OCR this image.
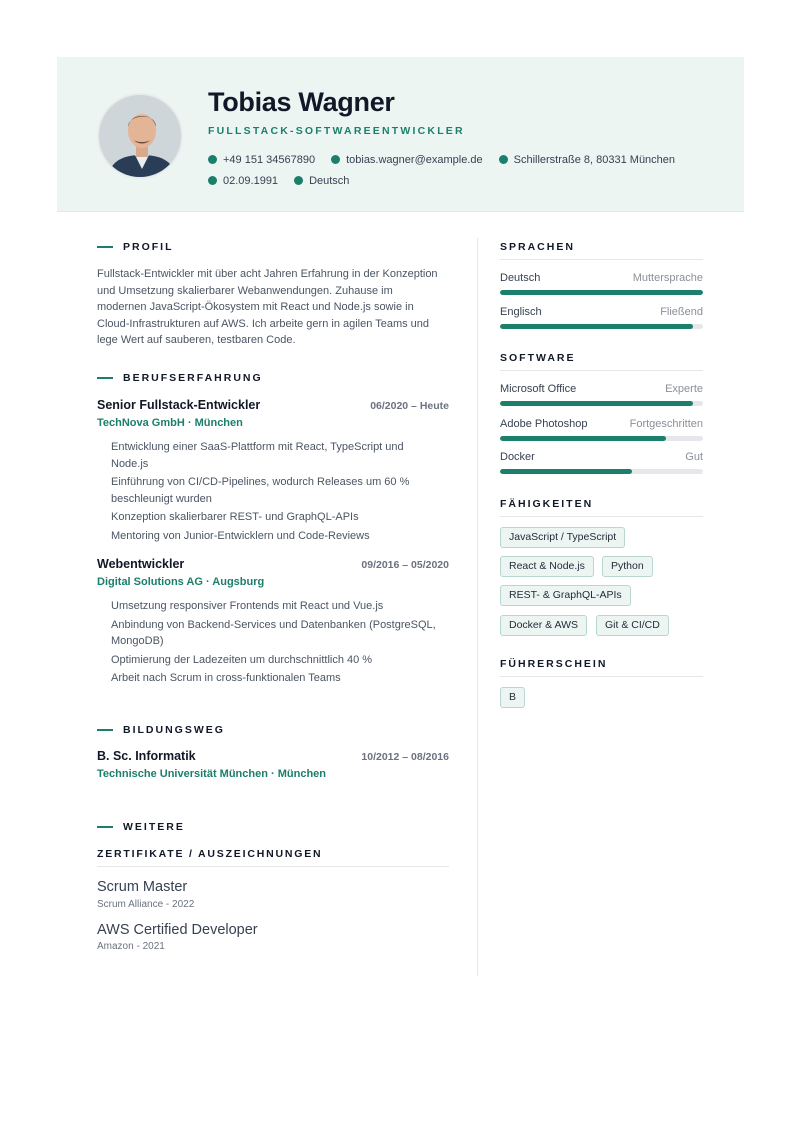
Tobias Wagner
FULLSTACK-SOFTWAREENTWICKLER
+49 151 34567890	tobias.wagner@example.de	Schillerstraße 8, 80331 München
02.09.1991	Deutsch
PROFIL
Fullstack-Entwickler mit über acht Jahren Erfahrung in der Konzeption
und Umsetzung skalierbarer Webanwendungen. Zuhause im
modernen JavaScript-Ökosystem mit React und Node.js sowie in
Cloud-Infrastrukturen auf AWS. Ich arbeite gern in agilen Teams und
lege Wert auf sauberen, testbaren Code.
BERUFSERFAHRUNG
Senior Fullstack-Entwickler	06/2020 – Heute
TechNova GmbH · München
Entwicklung einer SaaS-Plattform mit React, TypeScript und
Node.js
Einführung von CI/CD-Pipelines, wodurch Releases um 60 %
beschleunigt wurden
Konzeption skalierbarer REST- und GraphQL-APIs
Mentoring von Junior-Entwicklern und Code-Reviews
Webentwickler	09/2016 – 05/2020
Digital Solutions AG · Augsburg
Umsetzung responsiver Frontends mit React und Vue.js
Anbindung von Backend-Services und Datenbanken (PostgreSQL,
MongoDB)
Optimierung der Ladezeiten um durchschnittlich 40 %
Arbeit nach Scrum in cross-funktionalen Teams
BILDUNGSWEG
B. Sc. Informatik	10/2012 – 08/2016
Technische Universität München · München
WEITERE
ZERTIFIKATE / AUSZEICHNUNGEN
Scrum Master
Scrum Alliance - 2022
AWS Certified Developer
Amazon - 2021
SPRACHEN
Deutsch	Muttersprache
Englisch	Fließend
SOFTWARE
Microsoft Office	Experte
Adobe Photoshop	Fortgeschritten
Docker	Gut
FÄHIGKEITEN
JavaScript / TypeScript
React & Node.js	Python
REST- & GraphQL-APIs
Docker & AWS	Git & CI/CD
FÜHRERSCHEIN
B
